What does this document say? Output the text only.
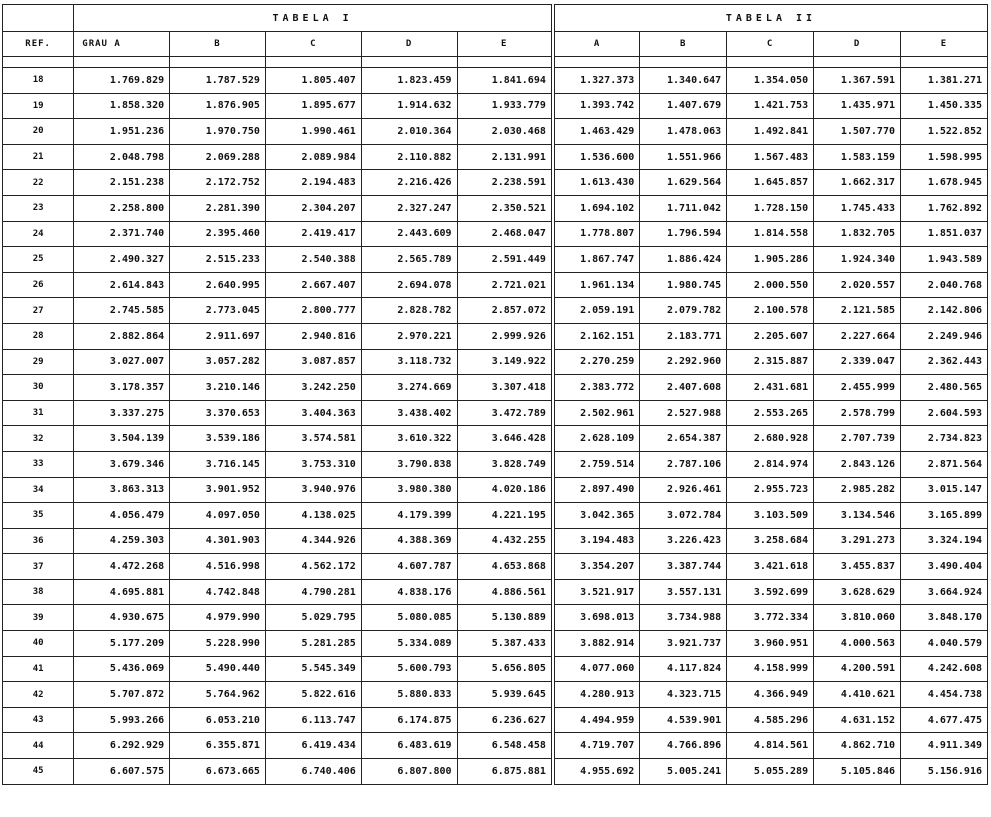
	TABELA I					TABELA II				
REF.	GRAU A	B	C	D	E	A	B	C	D	E

18	1.769.829	1.787.529	1.805.407	1.823.459	1.841.694	1.327.373	1.340.647	1.354.050	1.367.591	1.381.271
19	1.858.320	1.876.905	1.895.677	1.914.632	1.933.779	1.393.742	1.407.679	1.421.753	1.435.971	1.450.335
20	1.951.236	1.970.750	1.990.461	2.010.364	2.030.468	1.463.429	1.478.063	1.492.841	1.507.770	1.522.852
21	2.048.798	2.069.288	2.089.984	2.110.882	2.131.991	1.536.600	1.551.966	1.567.483	1.583.159	1.598.995
22	2.151.238	2.172.752	2.194.483	2.216.426	2.238.591	1.613.430	1.629.564	1.645.857	1.662.317	1.678.945
23	2.258.800	2.281.390	2.304.207	2.327.247	2.350.521	1.694.102	1.711.042	1.728.150	1.745.433	1.762.892
24	2.371.740	2.395.460	2.419.417	2.443.609	2.468.047	1.778.807	1.796.594	1.814.558	1.832.705	1.851.037
25	2.490.327	2.515.233	2.540.388	2.565.789	2.591.449	1.867.747	1.886.424	1.905.286	1.924.340	1.943.589
26	2.614.843	2.640.995	2.667.407	2.694.078	2.721.021	1.961.134	1.980.745	2.000.550	2.020.557	2.040.768
27	2.745.585	2.773.045	2.800.777	2.828.782	2.857.072	2.059.191	2.079.782	2.100.578	2.121.585	2.142.806
28	2.882.864	2.911.697	2.940.816	2.970.221	2.999.926	2.162.151	2.183.771	2.205.607	2.227.664	2.249.946
29	3.027.007	3.057.282	3.087.857	3.118.732	3.149.922	2.270.259	2.292.960	2.315.887	2.339.047	2.362.443
30	3.178.357	3.210.146	3.242.250	3.274.669	3.307.418	2.383.772	2.407.608	2.431.681	2.455.999	2.480.565
31	3.337.275	3.370.653	3.404.363	3.438.402	3.472.789	2.502.961	2.527.988	2.553.265	2.578.799	2.604.593
32	3.504.139	3.539.186	3.574.581	3.610.322	3.646.428	2.628.109	2.654.387	2.680.928	2.707.739	2.734.823
33	3.679.346	3.716.145	3.753.310	3.790.838	3.828.749	2.759.514	2.787.106	2.814.974	2.843.126	2.871.564
34	3.863.313	3.901.952	3.940.976	3.980.380	4.020.186	2.897.490	2.926.461	2.955.723	2.985.282	3.015.147
35	4.056.479	4.097.050	4.138.025	4.179.399	4.221.195	3.042.365	3.072.784	3.103.509	3.134.546	3.165.899
36	4.259.303	4.301.903	4.344.926	4.388.369	4.432.255	3.194.483	3.226.423	3.258.684	3.291.273	3.324.194
37	4.472.268	4.516.998	4.562.172	4.607.787	4.653.868	3.354.207	3.387.744	3.421.618	3.455.837	3.490.404
38	4.695.881	4.742.848	4.790.281	4.838.176	4.886.561	3.521.917	3.557.131	3.592.699	3.628.629	3.664.924
39	4.930.675	4.979.990	5.029.795	5.080.085	5.130.889	3.698.013	3.734.988	3.772.334	3.810.060	3.848.170
40	5.177.209	5.228.990	5.281.285	5.334.089	5.387.433	3.882.914	3.921.737	3.960.951	4.000.563	4.040.579
41	5.436.069	5.490.440	5.545.349	5.600.793	5.656.805	4.077.060	4.117.824	4.158.999	4.200.591	4.242.608
42	5.707.872	5.764.962	5.822.616	5.880.833	5.939.645	4.280.913	4.323.715	4.366.949	4.410.621	4.454.738
43	5.993.266	6.053.210	6.113.747	6.174.875	6.236.627	4.494.959	4.539.901	4.585.296	4.631.152	4.677.475
44	6.292.929	6.355.871	6.419.434	6.483.619	6.548.458	4.719.707	4.766.896	4.814.561	4.862.710	4.911.349
45	6.607.575	6.673.665	6.740.406	6.807.800	6.875.881	4.955.692	5.005.241	5.055.289	5.105.846	5.156.916
